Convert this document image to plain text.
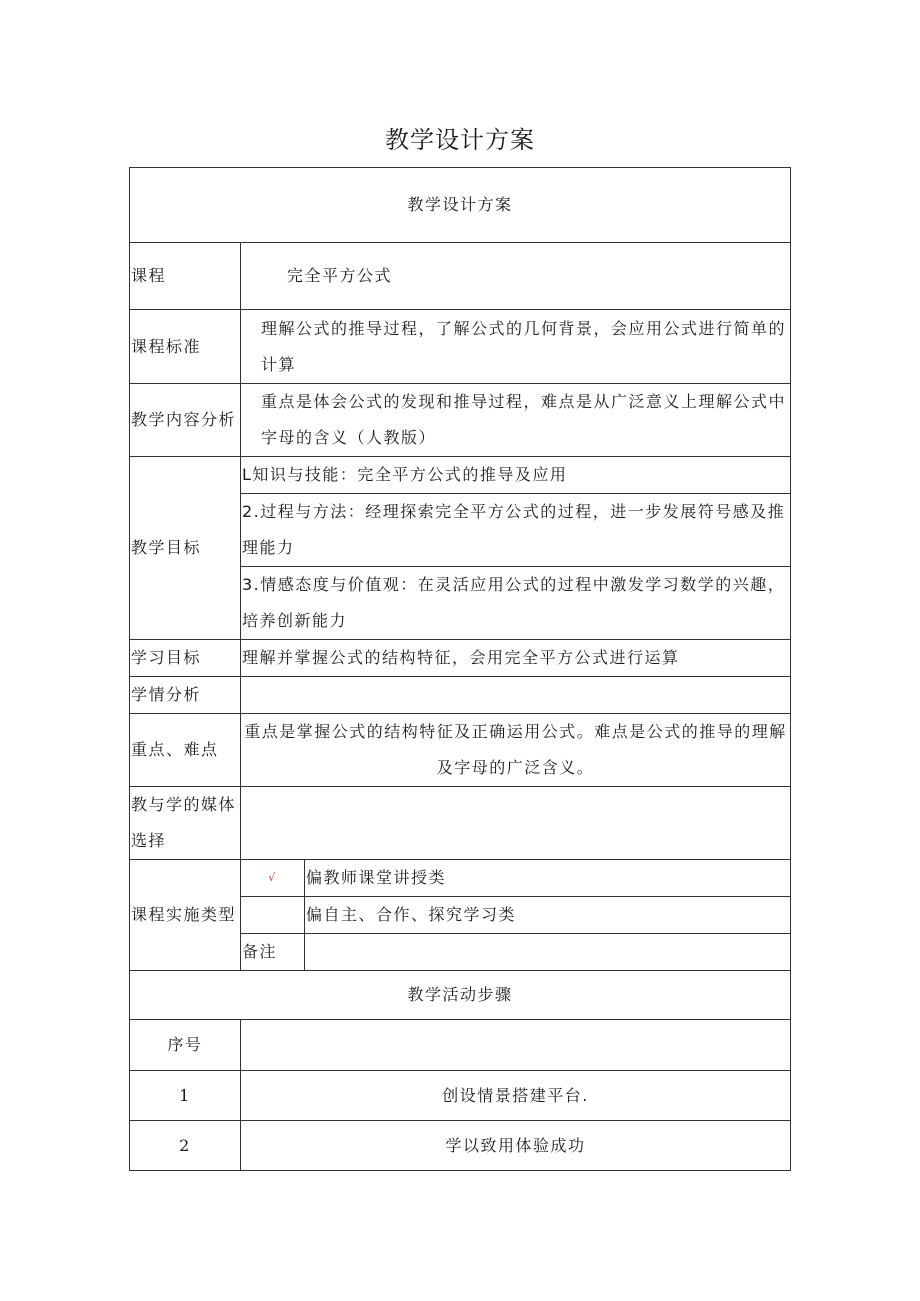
教学设计方案
教学设计方案		
课程	完全平方公式	
课程标准	理解公式的推导过程，了解公式的几何背景，会应用公式进行简单的计算	
教学内容分析	重点是体会公式的发现和推导过程，难点是从广泛意义上理解公式中字母的含义（人教版）	
教学目标	L知识与技能：完全平方公式的推导及应用	
	2.过程与方法：经理探索完全平方公式的过程，进一步发展符号感及推理能力	
	3.情感态度与价值观：在灵活应用公式的过程中激发学习数学的兴趣，培养创新能力	
学习目标	理解并掌握公式的结构特征，会用完全平方公式进行运算	
学情分析		
重点、难点	重点是掌握公式的结构特征及正确运用公式。难点是公式的推导的理解及字母的广泛含义。	
教与学的媒体选择		
课程实施类型	√	偏教师课堂讲授类
		偏自主、合作、探究学习类
	备注	
教学活动步骤		
序号		
1	创设情景搭建平台.	
2	学以致用体验成功	
